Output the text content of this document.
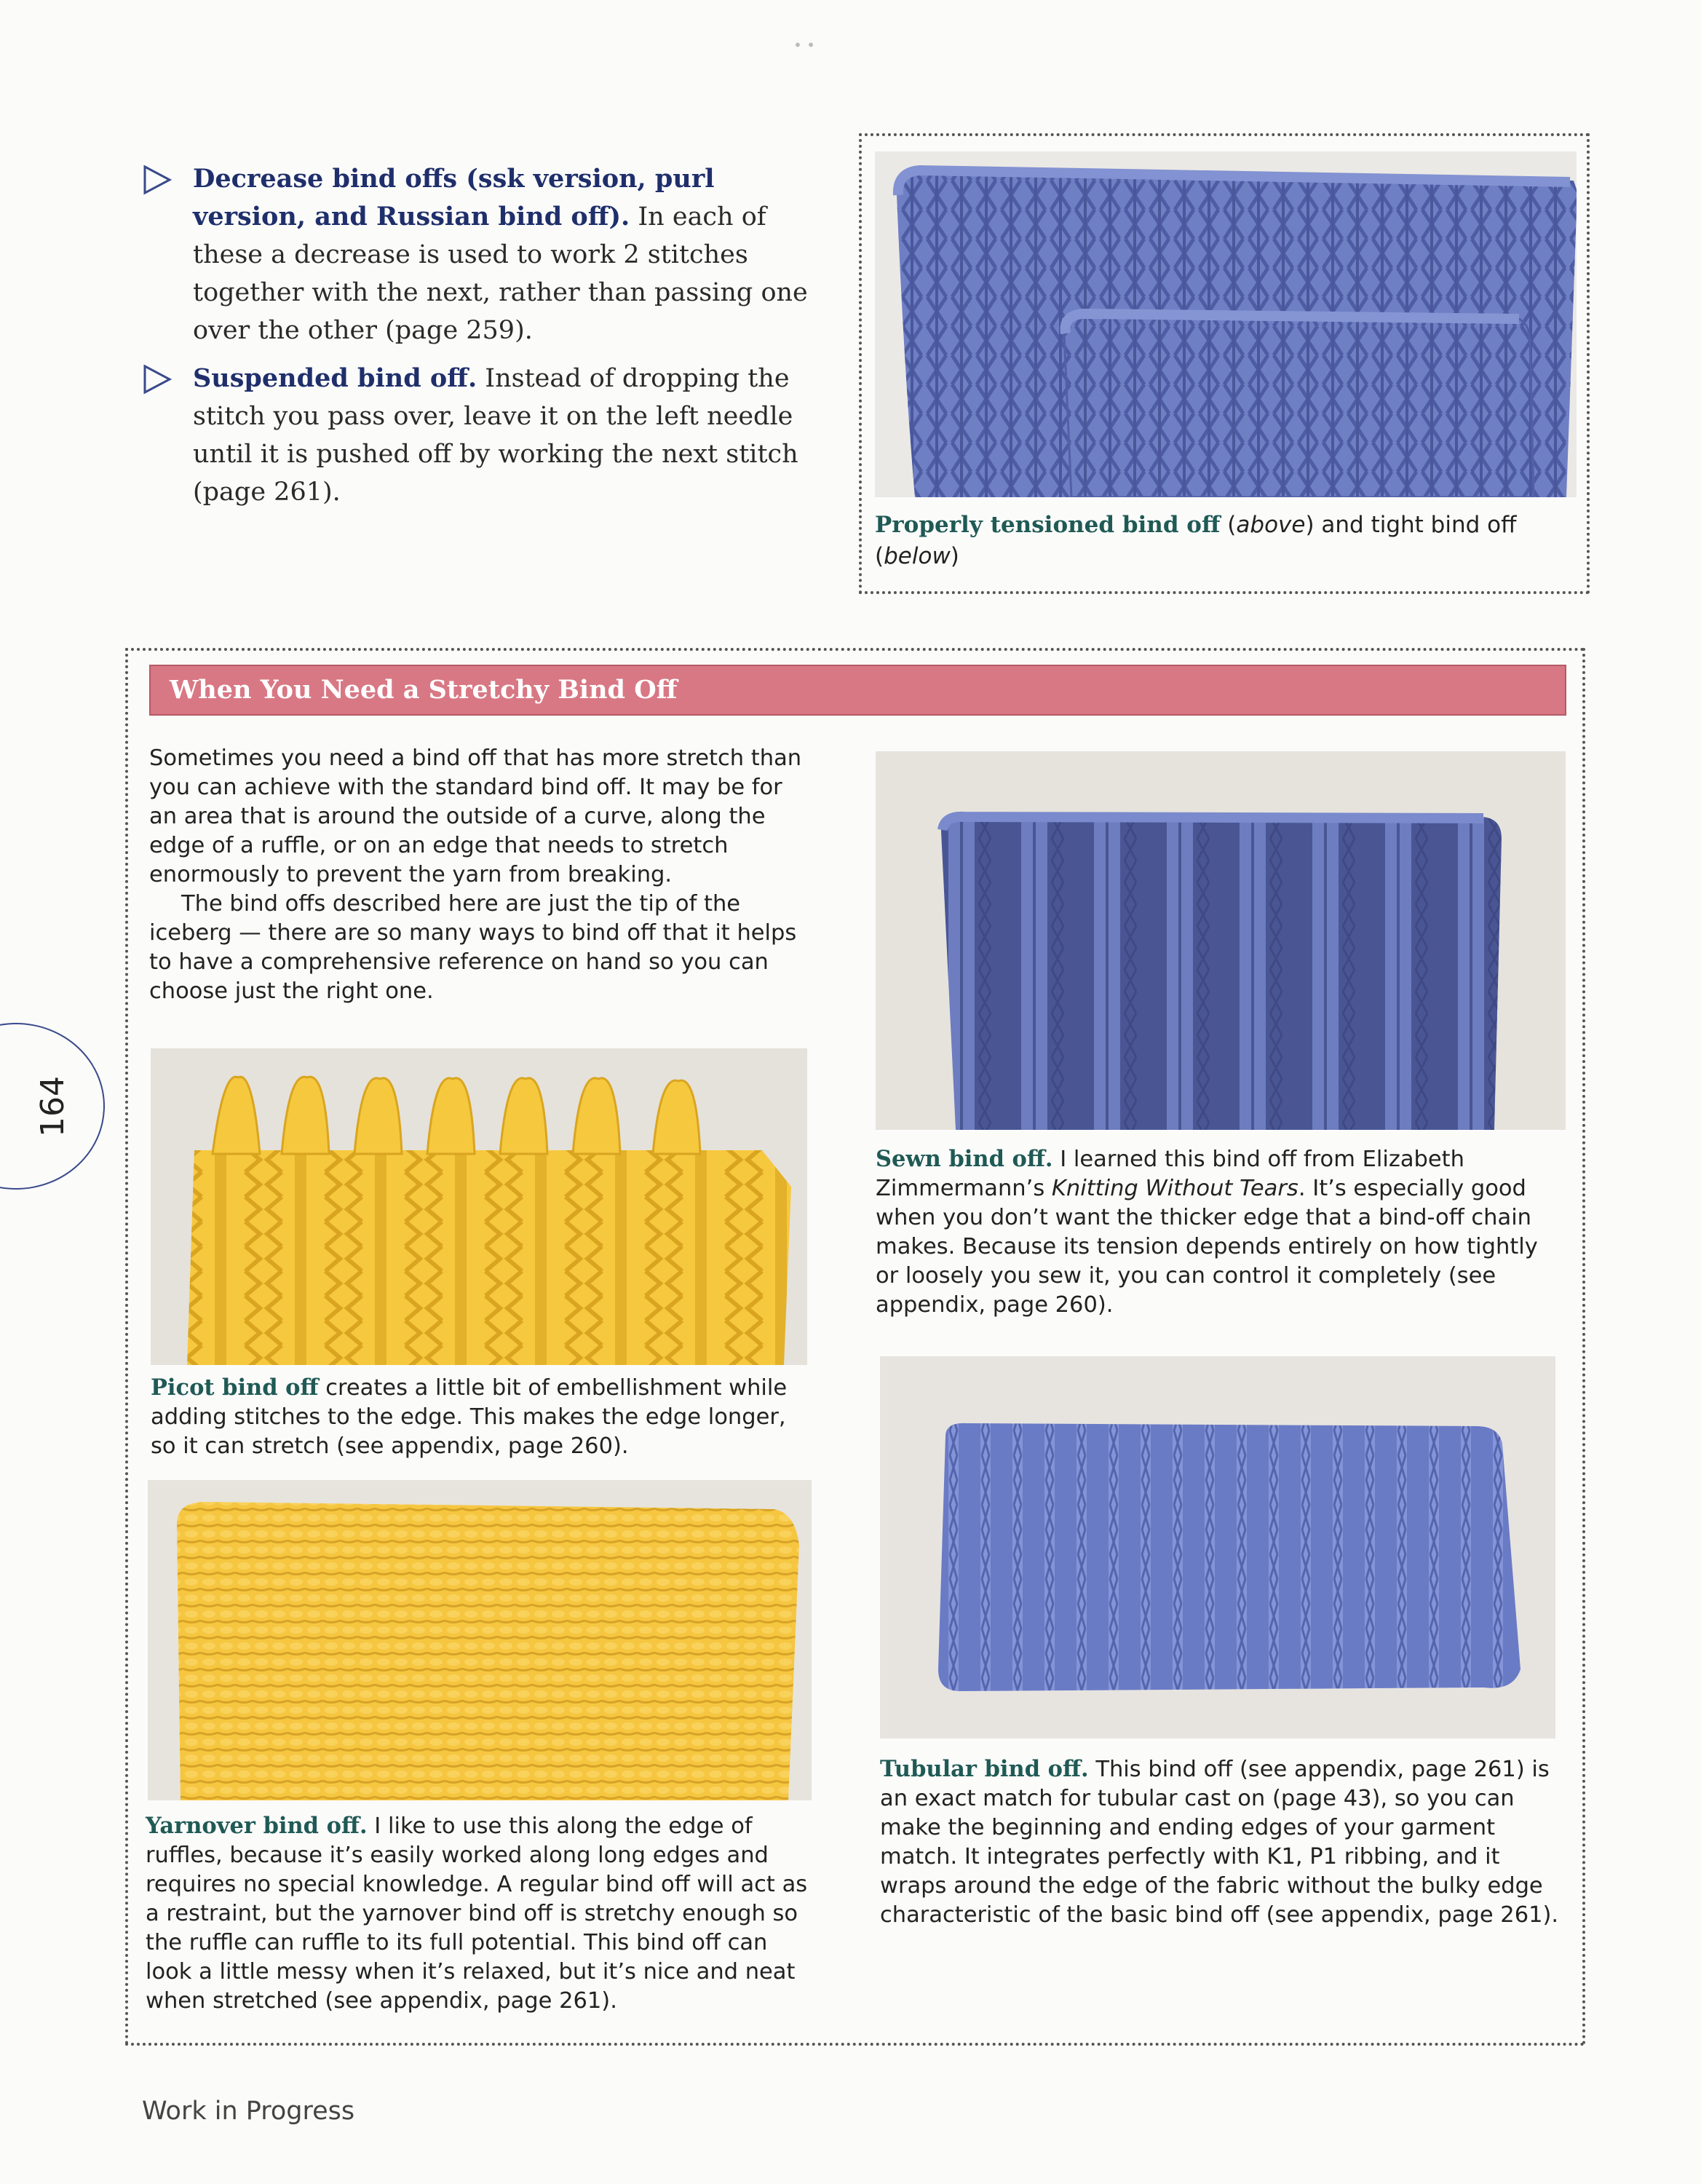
• •
Decrease bind offs (ssk version, purl version, and Russian bind off). In each of these a decrease is used to work 2 stitches together with the next, rather than passing one over the other (page 259).
Suspended bind off. Instead of dropping the stitch you pass over, leave it on the left needle until it is pushed off by working the next stitch (page 261).
Properly tensioned bind off (above) and tight bind off (below)
When You Need a Stretchy Bind Off

Sometimes you need a bind off that has more stretch than you can achieve with the standard bind off. It may be for an area that is around the outside of a curve, along the edge of a ruffle, or on an edge that needs to stretch enormously to prevent the yarn from breaking.

The bind offs described here are just the tip of the iceberg — there are so many ways to bind off that it helps to have a comprehensive reference on hand so you can choose just the right one.

Picot bind off creates a little bit of embellishment while adding stitches to the edge. This makes the edge longer, so it can stretch (see appendix, page 260).
Yarnover bind off. I like to use this along the edge of ruffles, because it’s easily worked along long edges and requires no special knowledge. A regular bind off will act as a restraint, but the yarnover bind off is stretchy enough so the ruffle can ruffle to its full potential. This bind off can look a little messy when it’s relaxed, but it’s nice and neat when stretched (see appendix, page 261).
Sewn bind off. I learned this bind off from Elizabeth Zimmermann’s Knitting Without Tears. It’s especially good when you don’t want the thicker edge that a bind-off chain makes. Because its tension depends entirely on how tightly or loosely you sew it, you can control it completely (see appendix, page 260).
Tubular bind off. This bind off (see appendix, page 261) is an exact match for tubular cast on (page 43), so you can make the beginning and ending edges of your garment match. It integrates perfectly with K1, P1 ribbing, and it wraps around the edge of the fabric without the bulky edge characteristic of the basic bind off (see appendix, page 261).
164
Work in Progress
